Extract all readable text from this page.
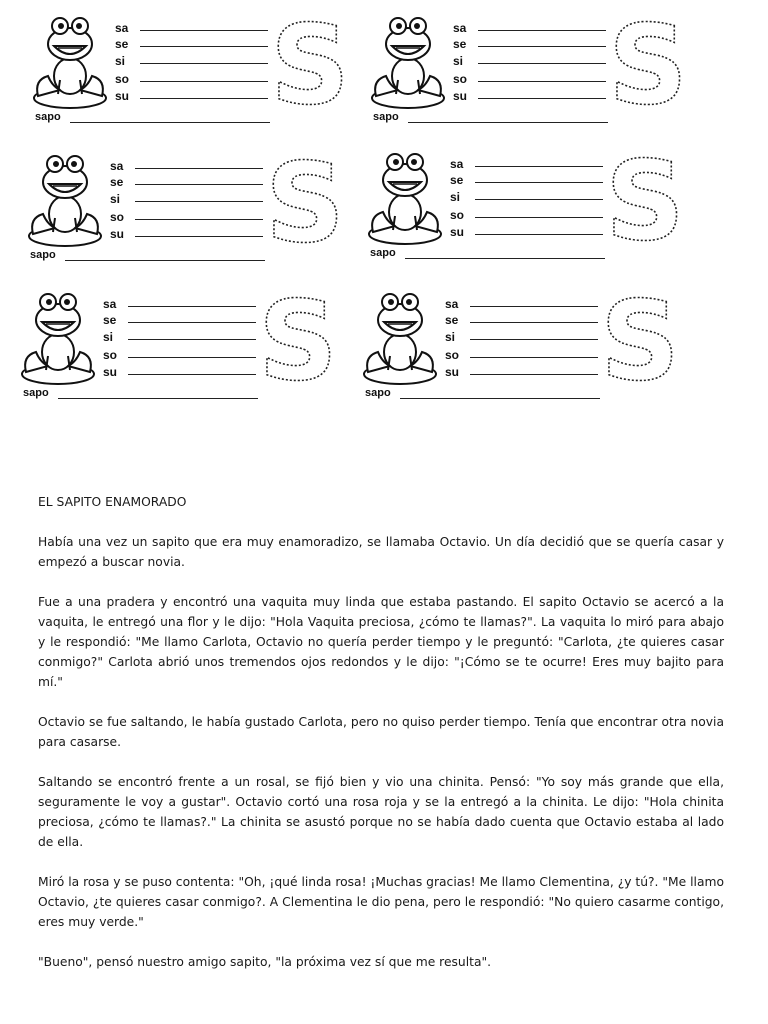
sa
se
si
so
su S
sapo
sa
se
si
so
su S
sapo
sa
se
si
so
su S
sapo
sa
se
si
so
su S
sapo
sa
se
si
so
su S
sapo
sa
se
si
so
su S
sapo
EL SAPITO ENAMORADO

Había una vez un sapito que era muy enamoradizo, se llamaba Octavio. Un día decidió que se quería casar y empezó a buscar novia.

Fue a una pradera y encontró una vaquita muy linda que estaba pastando. El sapito Octavio se acercó a la vaquita, le entregó una flor y le dijo: "Hola Vaquita preciosa, ¿cómo te llamas?". La vaquita lo miró para abajo y le respondió: "Me llamo Carlota, Octavio no quería perder tiempo y le preguntó: "Carlota, ¿te quieres casar conmigo?" Carlota abrió unos tremendos ojos redondos y le dijo: "¡Cómo se te ocurre! Eres muy bajito para mí."

Octavio se fue saltando, le había gustado Carlota, pero no quiso perder tiempo. Tenía que encontrar otra novia para casarse.

Saltando se encontró frente a un rosal, se fijó bien y vio una chinita. Pensó: "Yo soy más grande que ella, seguramente le voy a gustar". Octavio cortó una rosa roja y se la entregó a la chinita. Le dijo: "Hola chinita preciosa, ¿cómo te llamas?." La chinita se asustó porque no se había dado cuenta que Octavio estaba al lado de ella.

Miró la rosa y se puso contenta: "Oh, ¡qué linda rosa! ¡Muchas gracias! Me llamo Clementina, ¿y tú?. "Me llamo Octavio, ¿te quieres casar conmigo?. A Clementina le dio pena, pero le respondió: "No quiero casarme contigo, eres muy verde."

"Bueno", pensó nuestro amigo sapito, "la próxima vez sí que me resulta".
